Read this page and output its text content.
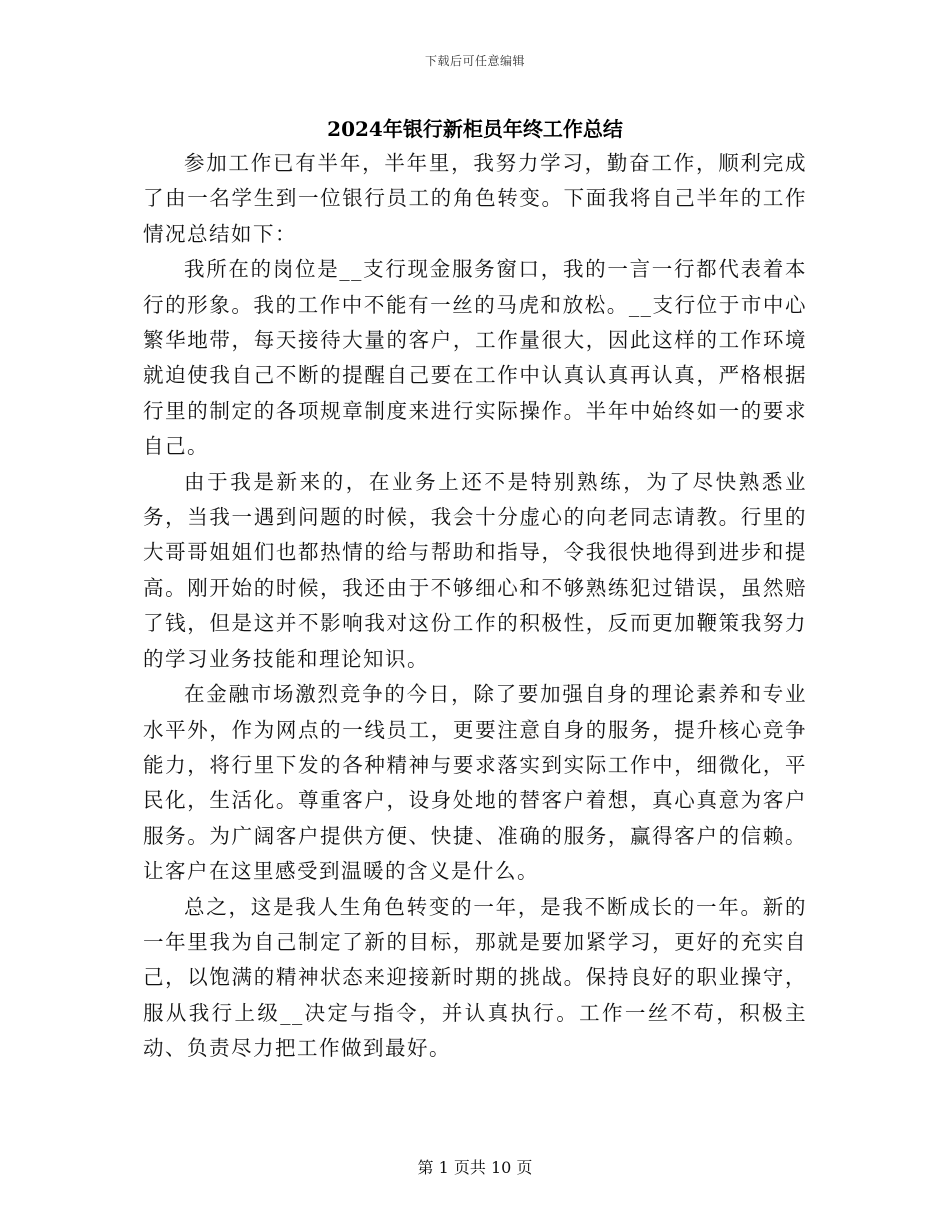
下载后可任意编辑
2024年银行新柜员年终工作总结

参加工作已有半年，半年里，我努力学习，勤奋工作，顺利完成了由一名学生到一位银行员工的角色转变。下面我将自己半年的工作情况总结如下：

我所在的岗位是__支行现金服务窗口，我的一言一行都代表着本行的形象。我的工作中不能有一丝的马虎和放松。__支行位于市中心繁华地带，每天接待大量的客户，工作量很大，因此这样的工作环境就迫使我自己不断的提醒自己要在工作中认真认真再认真，严格根据行里的制定的各项规章制度来进行实际操作。半年中始终如一的要求自己。

由于我是新来的，在业务上还不是特别熟练，为了尽快熟悉业务，当我一遇到问题的时候，我会十分虚心的向老同志请教。行里的大哥哥姐姐们也都热情的给与帮助和指导，令我很快地得到进步和提高。刚开始的时候，我还由于不够细心和不够熟练犯过错误，虽然赔了钱，但是这并不影响我对这份工作的积极性，反而更加鞭策我努力的学习业务技能和理论知识。

在金融市场激烈竞争的今日，除了要加强自身的理论素养和专业水平外，作为网点的一线员工，更要注意自身的服务，提升核心竞争能力，将行里下发的各种精神与要求落实到实际工作中，细微化，平民化，生活化。尊重客户，设身处地的替客户着想，真心真意为客户服务。为广阔客户提供方便、快捷、准确的服务，赢得客户的信赖。让客户在这里感受到温暖的含义是什么。

总之，这是我人生角色转变的一年，是我不断成长的一年。新的一年里我为自己制定了新的目标，那就是要加紧学习，更好的充实自己，以饱满的精神状态来迎接新时期的挑战。保持良好的职业操守，服从我行上级__决定与指令，并认真执行。工作一丝不苟，积极主动、负责尽力把工作做到最好。

第 1 页共 10 页
